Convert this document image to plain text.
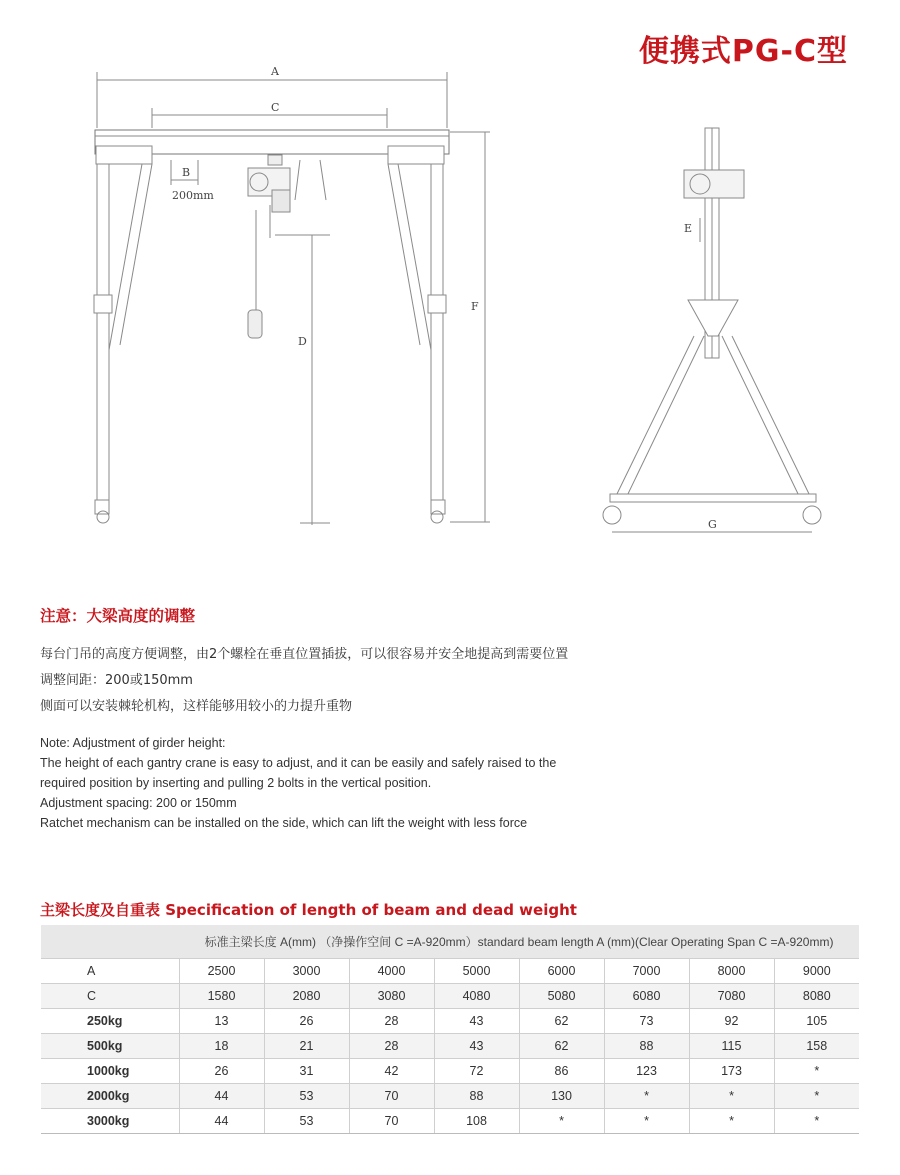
便携式PG-C型
A
C
B
200mm
D
F
E
G
注意：大梁高度的调整
每台门吊的高度方便调整，由2个螺栓在垂直位置插拔，可以很容易并安全地提高到需要位置
调整间距：200或150mm
侧面可以安装棘轮机构，这样能够用较小的力提升重物
Note: Adjustment of girder height:
The height of each gantry crane is easy to adjust, and it can be easily and safely raised to the
required position by inserting and pulling 2 bolts in the vertical position.
Adjustment spacing: 200 or 150mm
Ratchet mechanism can be installed on the side, which can lift the weight with less force
主梁长度及自重表 Specification of length of beam and dead weight
	标准主梁长度 A(mm) （净操作空间 C =A-920mm）standard beam length A (mm)(Clear Operating Span C =A-920mm)							
A	2500	3000	4000	5000	6000	7000	8000	9000
C	1580	2080	3080	4080	5080	6080	7080	8080
250kg	13	26	28	43	62	73	92	105
500kg	18	21	28	43	62	88	115	158
1000kg	26	31	42	72	86	123	173	*
2000kg	44	53	70	88	130	*	*	*
3000kg	44	53	70	108	*	*	*	*
